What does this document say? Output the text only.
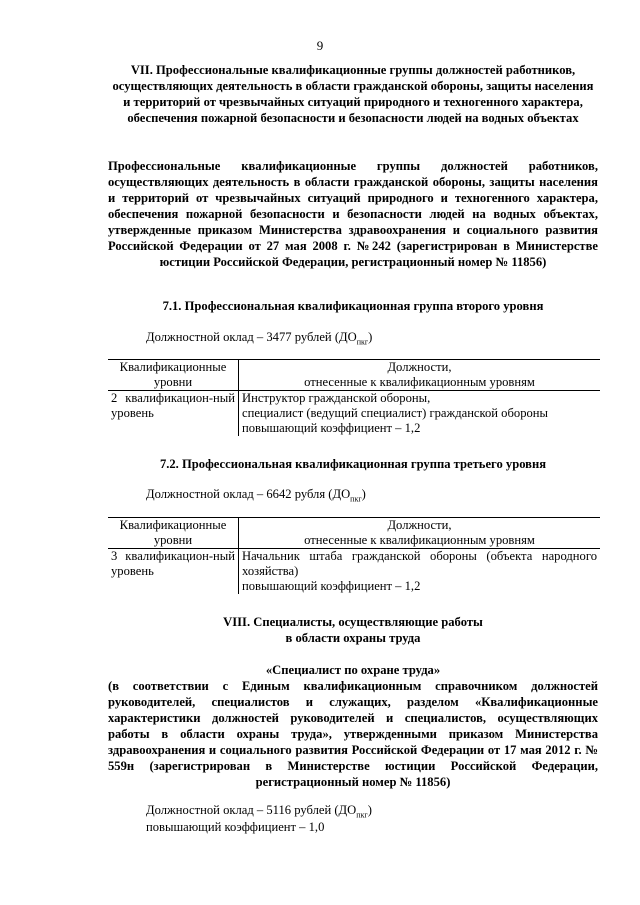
9
VII. Профессиональные квалификационные группы должностей работников, осуществляющих деятельность в области гражданской обороны, защиты населения и территорий от чрезвычайных ситуаций природного и техногенного характера, обеспечения пожарной безопасности и безопасности людей на водных объектах
Профессиональные квалификационные группы должностей работников, осуществляющих деятельность в области гражданской обороны, защиты населения и территорий от чрезвычайных ситуаций природного и техногенного характера, обеспечения пожарной безопасности и безопасности людей на водных объектах, утвержденные приказом Министерства здравоохранения и социального развития Российской Федерации от 27 мая 2008 г. №242 (зарегистрирован в Министерстве юстиции Российской Федерации, регистрационный номер № 11856)
7.1. Профессиональная квалификационная группа второго уровня
Должностной оклад – 3477 рублей $(ДО_{пкг})$
Квалификационные уровни	Должности,
отнесенные к квалификационным уровням

2 квалификацион-ный уровень	Инструктор гражданской обороны,
специалист (ведущий специалист) гражданской обороны
повышающий коэффициент – 1,2
7.2. Профессиональная квалификационная группа третьего уровня
Должностной оклад – 6642 рубля $(ДО_{пкг})$
Квалификационные уровни	Должности,
отнесенные к квалификационным уровням

3 квалификацион-ный уровень	Начальник штаба гражданской обороны (объекта народного хозяйства)
повышающий коэффициент – 1,2
VIII. Специалисты, осуществляющие работы
в области охраны труда
«Специалист по охране труда»
(в соответствии с Единым квалификационным справочником должностей руководителей, специалистов и служащих, разделом «Квалификационные характеристики должностей руководителей и специалистов, осуществляющих работы в области охраны труда», утвержденными приказом Министерства здравоохранения и социального развития Российской Федерации от 17 мая 2012 г. № 559н (зарегистрирован в Министерстве юстиции Российской Федерации, регистрационный номер № 11856)
Должностной оклад – 5116 рублей $(ДО_{пкг})$
повышающий коэффициент – 1,0
